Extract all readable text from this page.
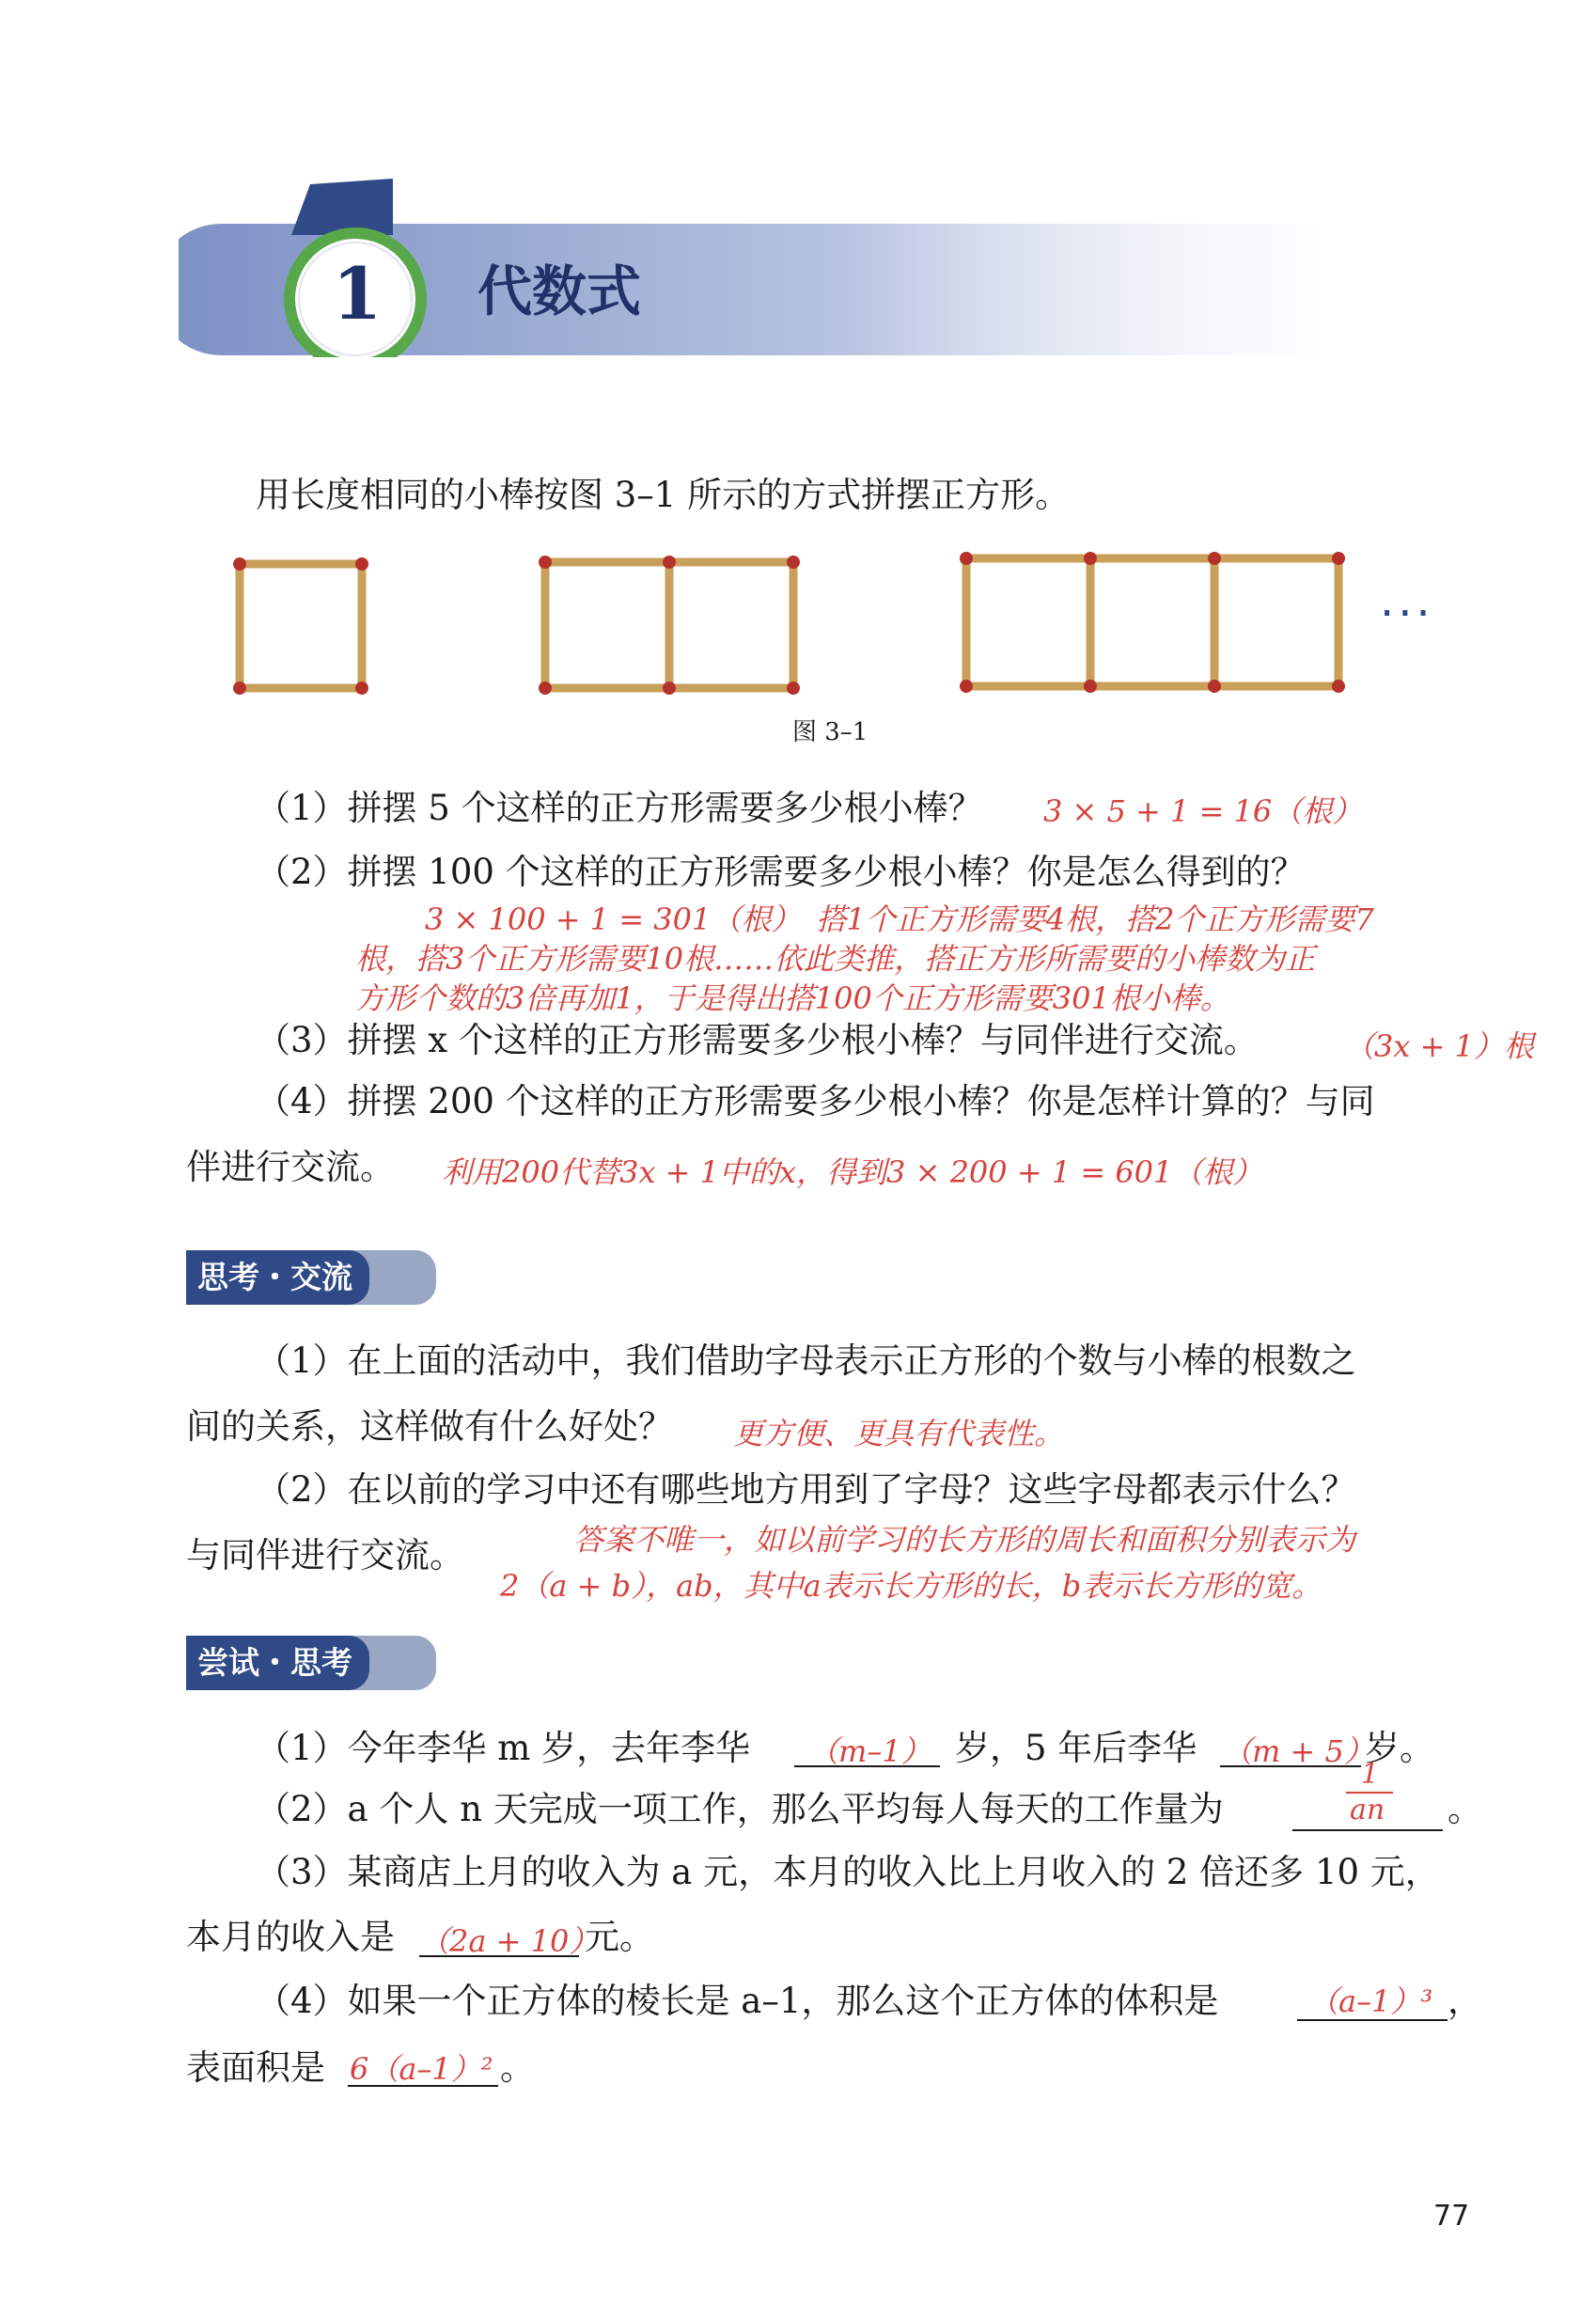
1 代数式
用长度相同的小棒按图 3–1 所示的方式拼摆正方形。
···
图 3–1
（1）拼摆 5 个这样的正方形需要多少根小棒？ 3 × 5 + 1 = 16（根）
（2）拼摆 100 个这样的正方形需要多少根小棒？你是怎么得到的？
3 × 100 + 1 = 301（根）　搭1个正方形需要4根，搭2个正方形需要7
根，搭3个正方形需要10根……依此类推，搭正方形所需要的小棒数为正
方形个数的3倍再加1，于是得出搭100个正方形需要301根小棒。
（3）拼摆 x 个这样的正方形需要多少根小棒？与同伴进行交流。	（3x + 1）根
（4）拼摆 200 个这样的正方形需要多少根小棒？你是怎样计算的？与同
伴进行交流。 利用200代替3x + 1中的x，得到3 × 200 + 1 = 601（根）
思考・交流
（1）在上面的活动中，我们借助字母表示正方形的个数与小棒的根数之
间的关系，这样做有什么好处？ 更方便、更具有代表性。
（2）在以前的学习中还有哪些地方用到了字母？这些字母都表示什么？
与同伴进行交流。	答案不唯一，如以前学习的长方形的周长和面积分别表示为
2（a + b），ab，其中a表示长方形的长，b表示长方形的宽。
尝试・思考
（1）今年李华 m 岁，去年李华 （m–1） 岁，5 年后李华 （m + 5）
岁。
（2）a 个人 n 天完成一项工作，那么平均每人每天的工作量为
1
an 。
（3）某商店上月的收入为 a 元，本月的收入比上月收入的 2 倍还多 10 元，
本月的收入是 （2a + 10）
元。
（4）如果一个正方体的棱长是 a–1，那么这个正方体的体积是	（a–1）³ ，
表面积是 6（a–1）² 。
77
